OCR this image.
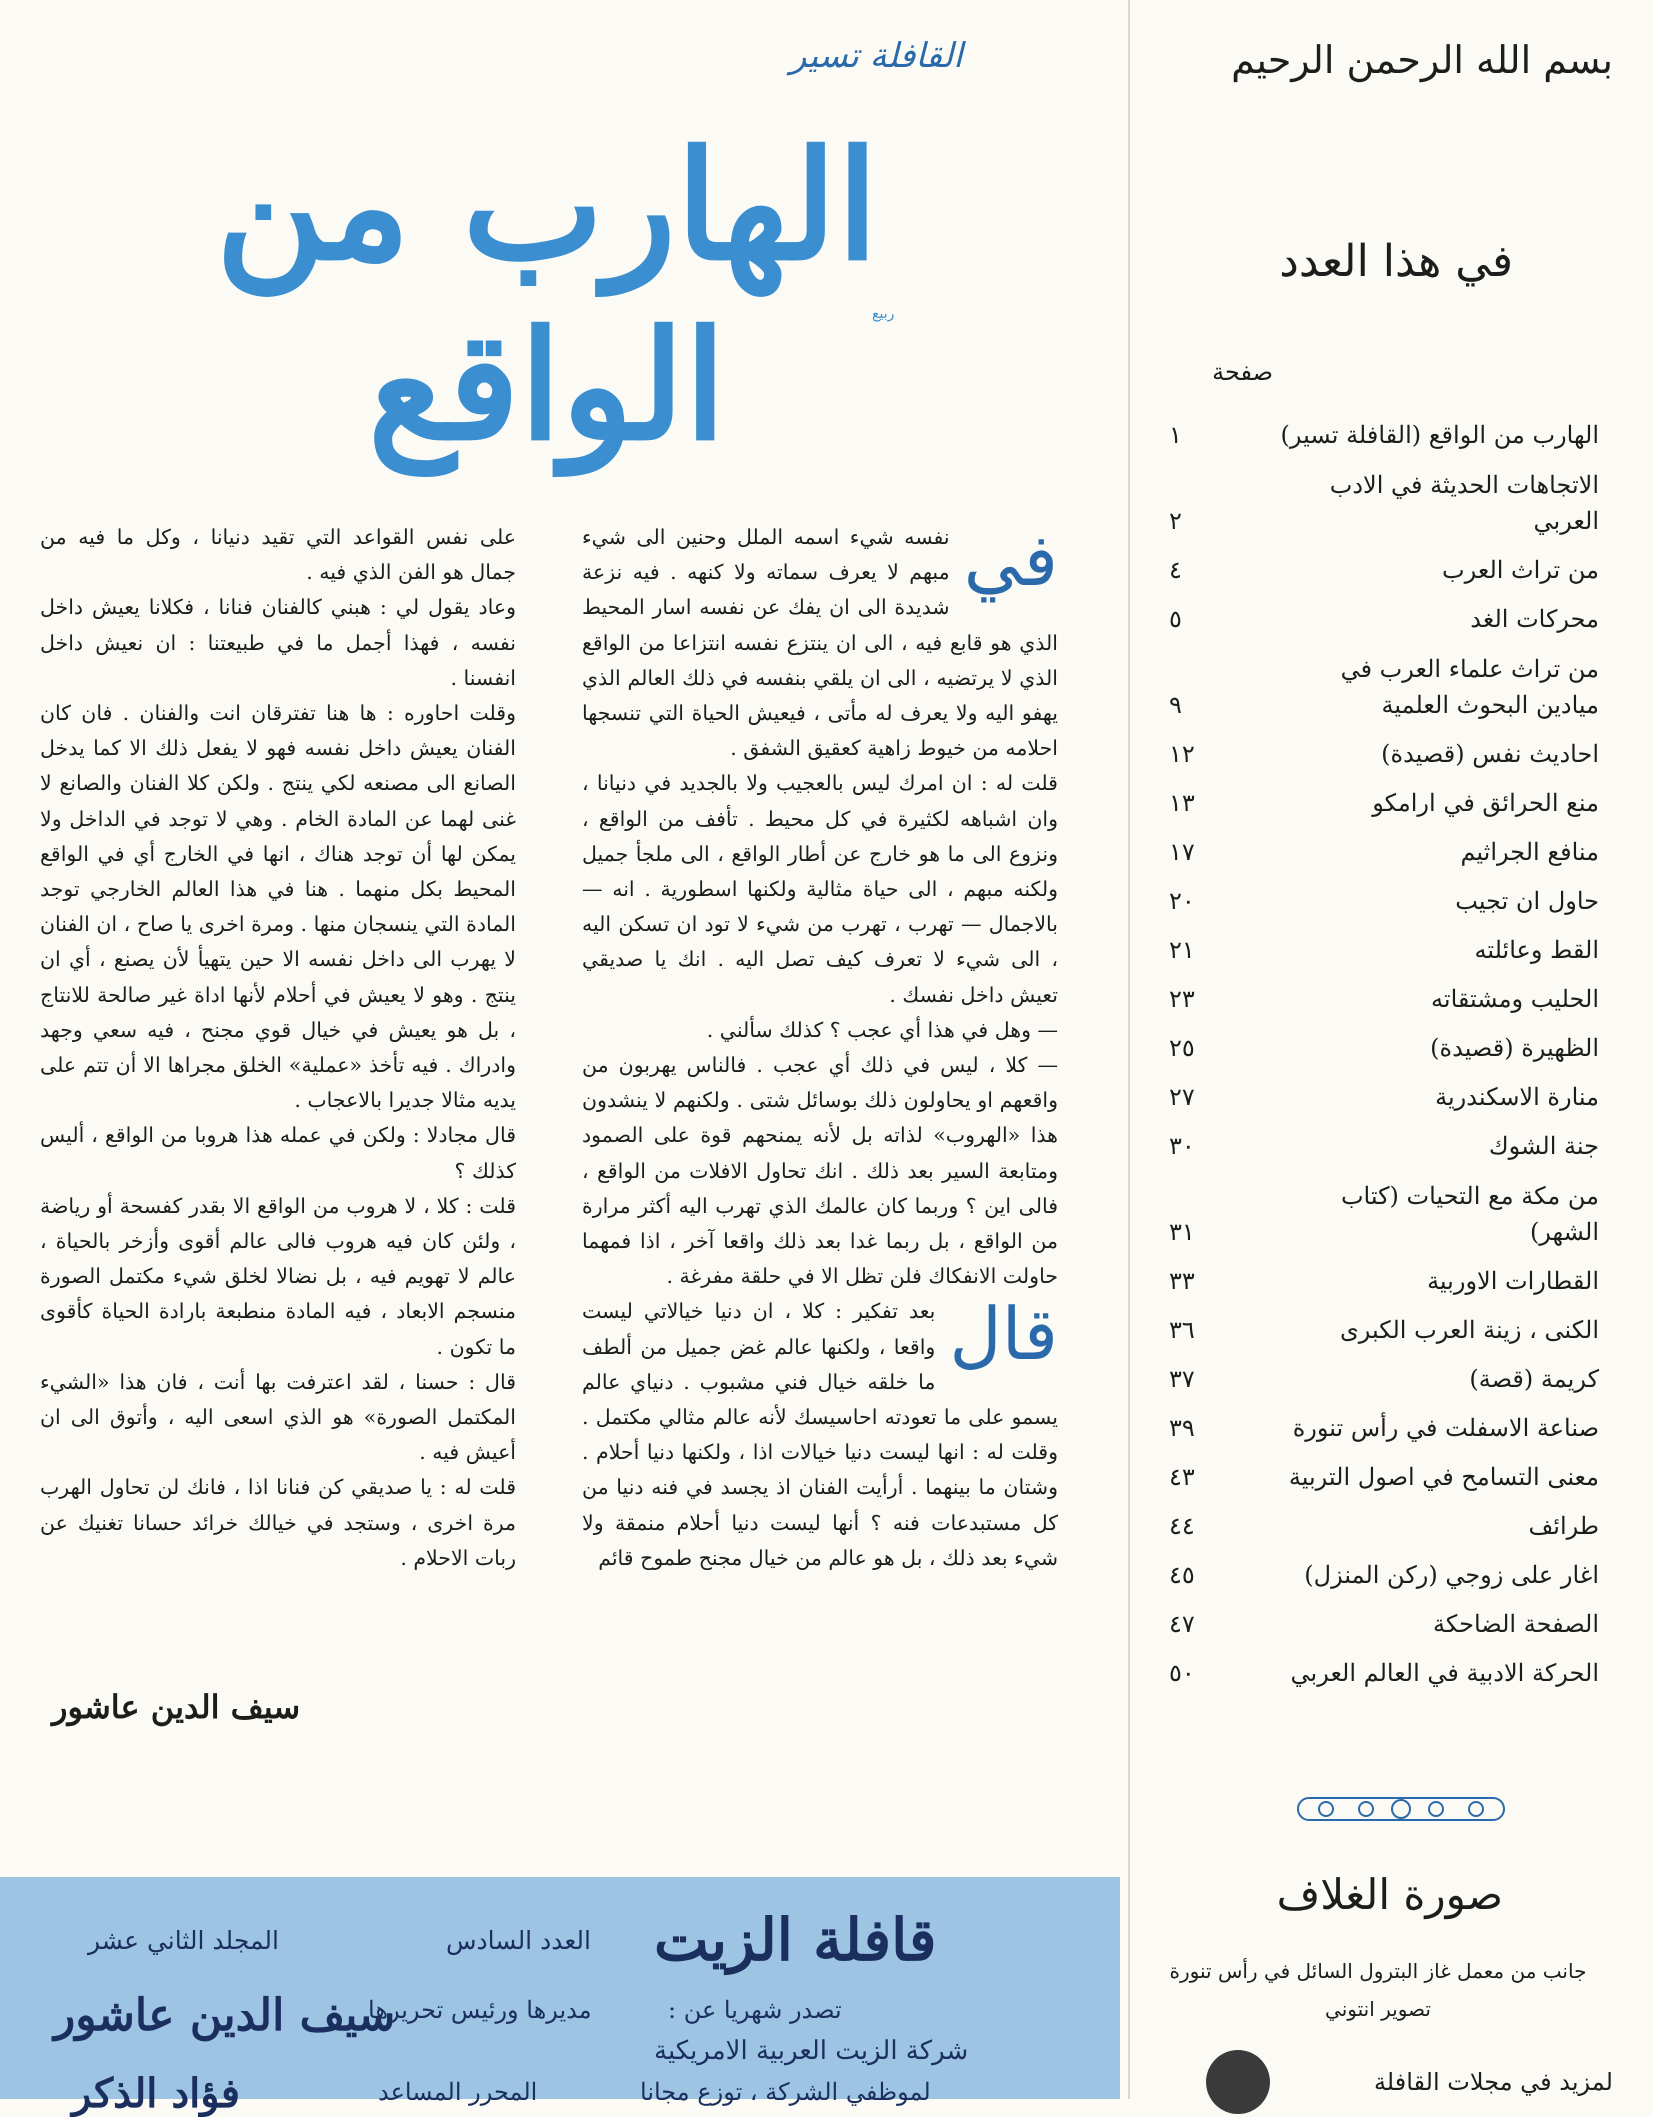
بسم الله الرحمن الرحيم
في هذا العدد
صفحة
الهارب من الواقع (القافلة تسير)
١
الاتجاهات الحديثة في الادب العربي
٢
من تراث العرب
٤
محركات الغد
٥
من تراث علماء العرب في ميادين البحوث العلمية
٩
احاديث نفس (قصيدة)
١٢
منع الحرائق في ارامكو
١٣
منافع الجراثيم
١٧
حاول ان تجيب
٢٠
القط وعائلته
٢١
الحليب ومشتقاته
٢٣
الظهيرة (قصيدة)
٢٥
منارة الاسكندرية
٢٧
جنة الشوك
٣٠
من مكة مع التحيات (كتاب الشهر)
٣١
القطارات الاوربية
٣٣
الكنى ، زينة العرب الكبرى
٣٦
كريمة (قصة)
٣٧
صناعة الاسفلت في رأس تنورة
٣٩
معنى التسامح في اصول التربية
٤٣
طرائف
٤٤
اغار على زوجي (ركن المنزل)
٤٥
الصفحة الضاحكة
٤٧
الحركة الادبية في العالم العربي
٥٠
صورة الغلاف
جانب من معمل غاز البترول السائل في رأس تنورة
تصوير انتوني
لمزيد في مجلات القافلة
القافلة تسير
الهارب من الواقع	ربيع

في
نفسه شيء اسمه الملل وحنين الى شيء مبهم لا يعرف سماته ولا كنهه . فيه نزعة شديدة الى ان يفك عن نفسه اسار المحيط الذي هو قابع فيه ، الى ان ينتزع نفسه انتزاعا من الواقع الذي لا يرتضيه ، الى ان يلقي بنفسه في ذلك العالم الذي يهفو اليه ولا يعرف له مأتى ، فيعيش الحياة التي تنسجها احلامه من خيوط زاهية كعقيق الشفق .

قلت له : ان امرك ليس بالعجيب ولا بالجديد في دنيانا ، وان اشباهه لكثيرة في كل محيط . تأفف من الواقع ، ونزوع الى ما هو خارج عن أطار الواقع ، الى ملجأ جميل ولكنه مبهم ، الى حياة مثالية ولكنها اسطورية . انه — بالاجمال — تهرب ، تهرب من شيء لا تود ان تسكن اليه ، الى شيء لا تعرف كيف تصل اليه . انك يا صديقي تعيش داخل نفسك .

— وهل في هذا أي عجب ؟ كذلك سألني .

— كلا ، ليس في ذلك أي عجب . فالناس يهربون من واقعهم او يحاولون ذلك بوسائل شتى . ولكنهم لا ينشدون هذا «الهروب» لذاته بل لأنه يمنحهم قوة على الصمود ومتابعة السير بعد ذلك . انك تحاول الافلات من الواقع ، فالى اين ؟ وربما كان عالمك الذي تهرب اليه أكثر مرارة من الواقع ، بل ربما غدا بعد ذلك واقعا آخر ، اذا فمهما حاولت الانفكاك فلن تظل الا في حلقة مفرغة .

قال
بعد تفكير : كلا ، ان دنيا خيالاتي ليست واقعا ، ولكنها عالم غض جميل من ألطف ما خلقه خيال فني مشبوب . دنياي عالم يسمو على ما تعودته احاسيسك لأنه عالم مثالي مكتمل . وقلت له : انها ليست دنيا خيالات اذا ، ولكنها دنيا أحلام . وشتان ما بينهما . أرأيت الفنان اذ يجسد في فنه دنيا من كل مستبدعات فنه ؟ أنها ليست دنيا أحلام منمقة ولا شيء بعد ذلك ، بل هو عالم من خيال مجنح طموح قائم

على نفس القواعد التي تقيد دنيانا ، وكل ما فيه من جمال هو الفن الذي فيه .

وعاد يقول لي : هبني كالفنان فنانا ، فكلانا يعيش داخل نفسه ، فهذا أجمل ما في طبيعتنا : ان نعيش داخل انفسنا .

وقلت احاوره : ها هنا تفترقان انت والفنان . فان كان الفنان يعيش داخل نفسه فهو لا يفعل ذلك الا كما يدخل الصانع الى مصنعه لكي ينتج . ولكن كلا الفنان والصانع لا غنى لهما عن المادة الخام . وهي لا توجد في الداخل ولا يمكن لها أن توجد هناك ، انها في الخارج أي في الواقع المحيط بكل منهما . هنا في هذا العالم الخارجي توجد المادة التي ينسجان منها . ومرة اخرى يا صاح ، ان الفنان لا يهرب الى داخل نفسه الا حين يتهيأ لأن يصنع ، أي ان ينتج . وهو لا يعيش في أحلام لأنها اداة غير صالحة للانتاج ، بل هو يعيش في خيال قوي مجنح ، فيه سعي وجهد وادراك . فيه تأخذ «عملية» الخلق مجراها الا أن تتم على يديه مثالا جديرا بالاعجاب .

قال مجادلا : ولكن في عمله هذا هروبا من الواقع ، أليس كذلك ؟

قلت : كلا ، لا هروب من الواقع الا بقدر كفسحة أو رياضة ، ولئن كان فيه هروب فالى عالم أقوى وأزخر بالحياة ، عالم لا تهويم فيه ، بل نضالا لخلق شيء مكتمل الصورة منسجم الابعاد ، فيه المادة منطبعة بارادة الحياة كأقوى ما تكون .

قال : حسنا ، لقد اعترفت بها أنت ، فان هذا «الشيء المكتمل الصورة» هو الذي اسعى اليه ، وأتوق الى ان أعيش فيه .

قلت له : يا صديقي كن فنانا اذا ، فانك لن تحاول الهرب مرة اخرى ، وستجد في خيالك خرائد حسانا تغنيك عن ربات الاحلام .

سيف الدين عاشور
قافلة الزيت
العدد السادس
المجلد الثاني عشر
تصدر شهريا عن :
شركة الزيت العربية الامريكية
لموظفي الشركة ، توزع مجانا
مديرها ورئيس تحريرها
سيف الدين عاشور
المحرر المساعد
فؤاد الذكر
